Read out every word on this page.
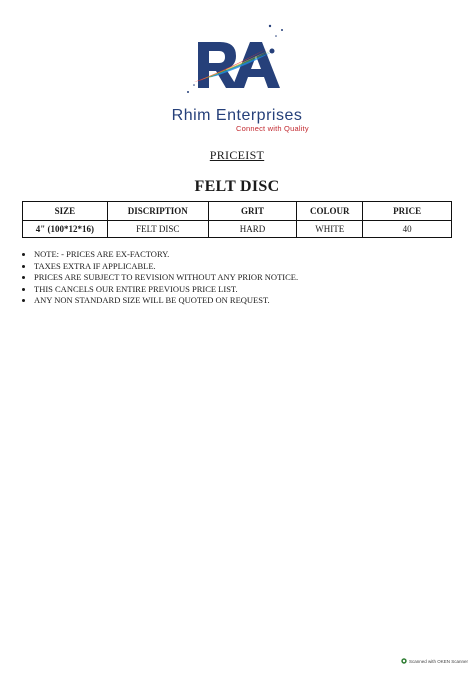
Rhim Enterprises
Connect with Quality
PRICEIST
FELT DISC
SIZE	DISCRIPTION	GRIT	COLOUR	PRICE
4" (100*12*16)	FELT DISC	HARD	WHITE	40
• NOTE: - PRICES ARE EX-FACTORY.
• TAXES EXTRA IF APPLICABLE.
• PRICES ARE SUBJECT TO REVISION WITHOUT ANY PRIOR NOTICE.
• THIS CANCELS OUR ENTIRE PREVIOUS PRICE LIST.
• ANY NON STANDARD SIZE WILL BE QUOTED ON REQUEST.
Scanned with OKEN Scanner
